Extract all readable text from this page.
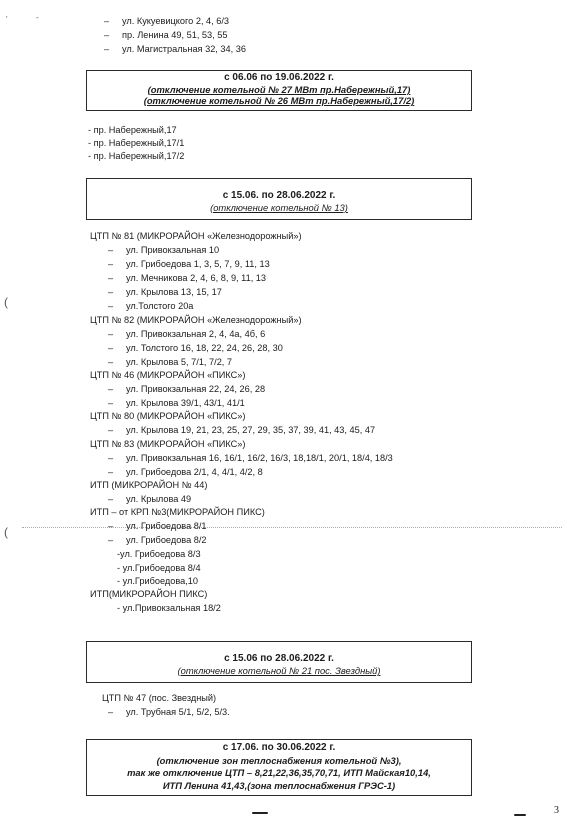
'	-
(
(
– ул. Кукуевицкого 2, 4, 6/3
– пр. Ленина 49, 51, 53, 55
– ул. Магистральная 32, 34, 36
с 06.06 по 19.06.2022 г.
(отключение котельной № 27 МВт пр.Набережный,17)
(отключение котельной № 26 МВт пр.Набережный,17/2)
- пр. Набережный,17
- пр. Набережный,17/1
- пр. Набережный,17/2
с 15.06. по 28.06.2022 г.
(отключение котельной № 13)
ЦТП № 81 (МИКРОРАЙОН «Железнодорожный»)
– ул. Привокзальная 10
– ул. Грибоедова 1, 3, 5, 7, 9, 11, 13
– ул. Мечникова 2, 4, 6, 8, 9, 11, 13
– ул. Крылова 13, 15, 17
– ул.Толстого 20а
ЦТП № 82 (МИКРОРАЙОН «Железнодорожный»)
– ул. Привокзальная 2, 4, 4а, 4б, 6
– ул. Толстого 16, 18, 22, 24, 26, 28, 30
– ул. Крылова 5, 7/1, 7/2, 7
ЦТП № 46 (МИКРОРАЙОН «ПИКС»)
– ул. Привокзальная 22, 24, 26, 28
– ул. Крылова 39/1, 43/1, 41/1
ЦТП № 80 (МИКРОРАЙОН «ПИКС»)
– ул. Крылова 19, 21, 23, 25, 27, 29, 35, 37, 39, 41, 43, 45, 47
ЦТП № 83 (МИКРОРАЙОН «ПИКС»)
– ул. Привокзальная 16, 16/1, 16/2, 16/3, 18,18/1, 20/1, 18/4, 18/3
– ул. Грибоедова 2/1, 4, 4/1, 4/2, 8
ИТП (МИКРОРАЙОН № 44)
– ул. Крылова 49
ИТП – от КРП №3(МИКРОРАЙОН ПИКС)
– ул. Грибоедова 8/1
– ул. Грибоедова 8/2
-ул. Грибоедова 8/3
- ул.Грибоедова 8/4
- ул.Грибоедова,10
ИТП(МИКРОРАЙОН ПИКС)
- ул.Привокзальная 18/2
с 15.06 по 28.06.2022 г.
(отключение котельной № 21 пос. Звездный)
ЦТП № 47 (пос. Звездный)
– ул. Трубная 5/1, 5/2, 5/3.
с 17.06. по 30.06.2022 г.
(отключение зон теплоснабжения котельной №3),
так же отключение ЦТП – 8,21,22,36,35,70,71, ИТП Майская10,14,
ИТП Ленина 41,43,(зона теплоснабжения ГРЭС-1)
3
